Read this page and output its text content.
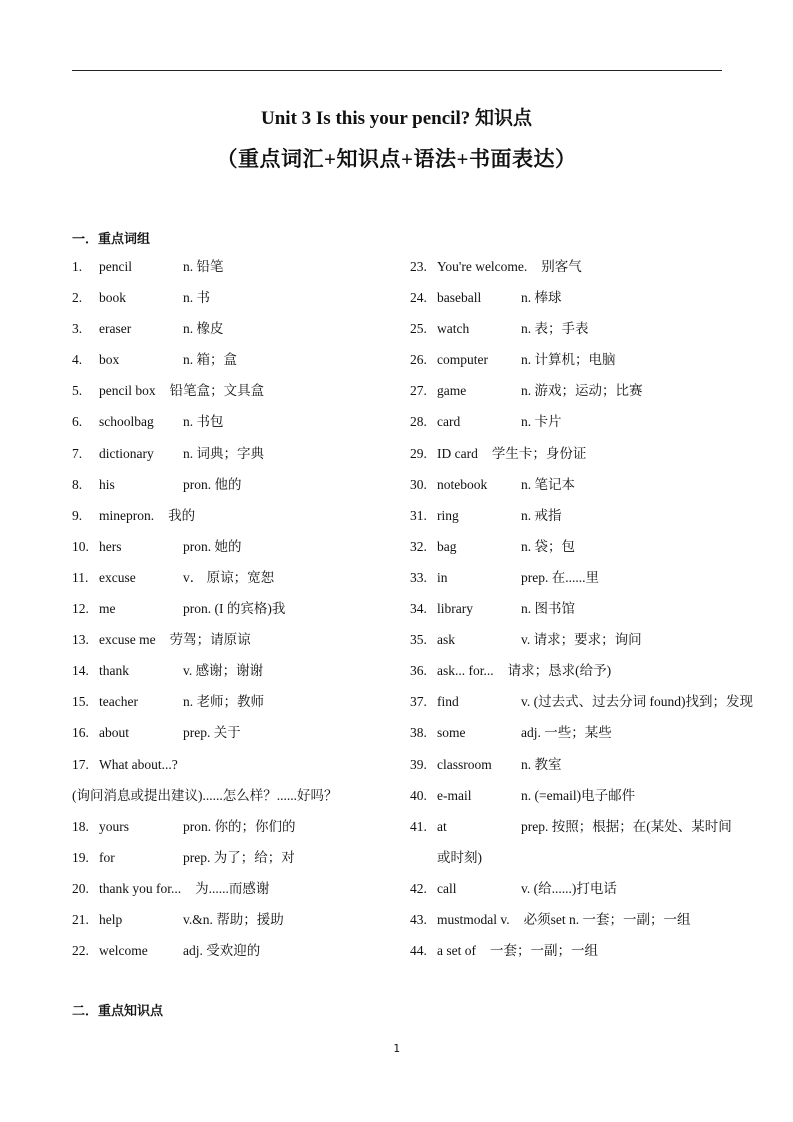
Unit 3 Is this your pencil? 知识点
（重点词汇+知识点+语法+书面表达）
一．重点词组
1. pencil	n. 铅笔
2. book	n. 书
3. eraser	n. 橡皮
4. box	n. 箱；盒
5. pencil box 铅笔盒；文具盒
6. schoolbag n. 书包
7. dictionary n. 词典；字典
8. his	pron. 他的
9. minepron. 我的
10. hers	pron. 她的
11. excuse	v． 原谅；宽恕
12. me	pron. (I 的宾格)我
13. excuse me 劳驾；请原谅
14. thank	v. 感谢；谢谢
15. teacher	n. 老师；教师
16. about	prep. 关于
17. What about...?
(询问消息或提出建议)......怎么样？......好吗？
18. yours	pron. 你的；你们的
19. for	prep. 为了；给；对
20. thank you for... 为......而感谢
21. help	v.&n. 帮助；援助
22. welcome	adj. 受欢迎的
23. You're welcome. 别客气
24. baseball	n. 棒球
25. watch	n. 表；手表
26. computer n. 计算机；电脑
27. game	n. 游戏；运动；比赛
28. card	n. 卡片
29. ID card 学生卡；身份证
30. notebook	n. 笔记本
31. ring	n. 戒指
32. bag	n. 袋；包
33. in	prep. 在......里
34. library	n. 图书馆
35. ask	v. 请求；要求；询问
36. ask... for... 请求；恳求(给予)
37. find	v. (过去式、过去分词 found)找到；发现
38. some	adj. 一些；某些
39. classroom n. 教室
40. e-mail	n. (=email)电子邮件
41. at	prep. 按照；根据；在(某处、某时间
或时刻)
42. call	v. (给......)打电话
43. mustmodal v. 必须set n. 一套；一副；一组
44. a set of 一套；一副；一组
二．重点知识点
1
